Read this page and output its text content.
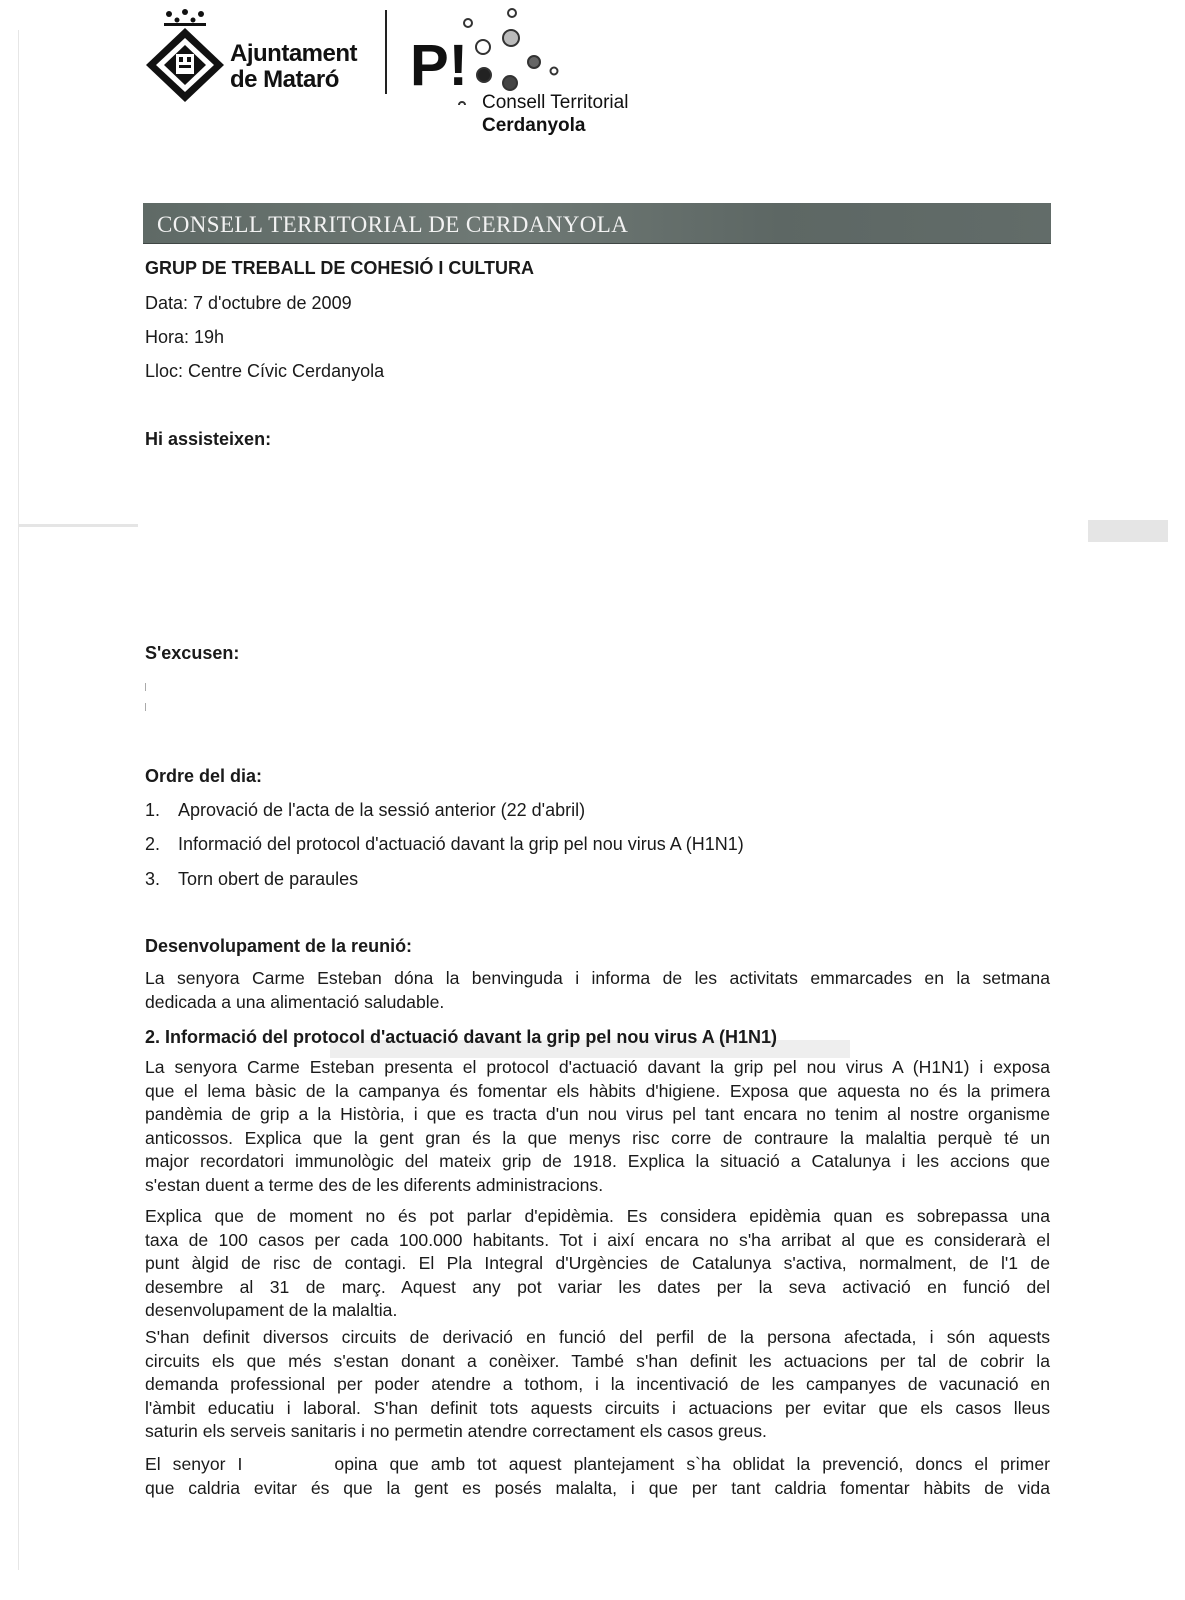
Ajuntament
de Mataró	P!
Consell Territorial
Cerdanyola
CONSELL TERRITORIAL DE CERDANYOLA
GRUP DE TREBALL DE COHESIÓ I CULTURA
Data: 7 d'octubre de 2009
Hora: 19h
Lloc: Centre Cívic Cerdanyola
Hi assisteixen:
S'excusen:
Ordre del dia:
1. Aprovació de l'acta de la sessió anterior (22 d'abril)
2. Informació del protocol d'actuació davant la grip pel nou virus A (H1N1)
3. Torn obert de paraules
Desenvolupament de la reunió:
La senyora Carme Esteban dóna la benvinguda i informa de les activitats emmarcades en la setmana
dedicada a una alimentació saludable.
2. Informació del protocol d'actuació davant la grip pel nou virus A (H1N1)
La senyora Carme Esteban presenta el protocol d'actuació davant la grip pel nou virus A (H1N1) i exposa
que el lema bàsic de la campanya és fomentar els hàbits d'higiene. Exposa que aquesta no és la primera
pandèmia de grip a la Història, i que es tracta d'un nou virus pel tant encara no tenim al nostre organisme
anticossos. Explica que la gent gran és la que menys risc corre de contraure la malaltia perquè té un
major recordatori immunològic del mateix grip de 1918. Explica la situació a Catalunya i les accions que
s'estan duent a terme des de les diferents administracions.
Explica que de moment no és pot parlar d'epidèmia. Es considera epidèmia quan es sobrepassa una
taxa de 100 casos per cada 100.000 habitants. Tot i així encara no s'ha arribat al que es considerarà el
punt àlgid de risc de contagi. El Pla Integral d'Urgències de Catalunya s'activa, normalment, de l'1 de
desembre al 31 de març. Aquest any pot variar les dates per la seva activació en funció del
desenvolupament de la malaltia.
S'han definit diversos circuits de derivació en funció del perfil de la persona afectada, i són aquests
circuits els que més s'estan donant a conèixer. També s'han definit les actuacions per tal de cobrir la
demanda professional per poder atendre a tothom, i la incentivació de les campanyes de vacunació en
l'àmbit educatiu i laboral. S'han definit tots aquests circuits i actuacions per evitar que els casos lleus
saturin els serveis sanitaris i no permetin atendre correctament els casos greus.
El senyor I	opina que amb tot aquest plantejament s`ha oblidat la prevenció, doncs el primer
que caldria evitar és que la gent es posés malalta, i que per tant caldria fomentar hàbits de vida
